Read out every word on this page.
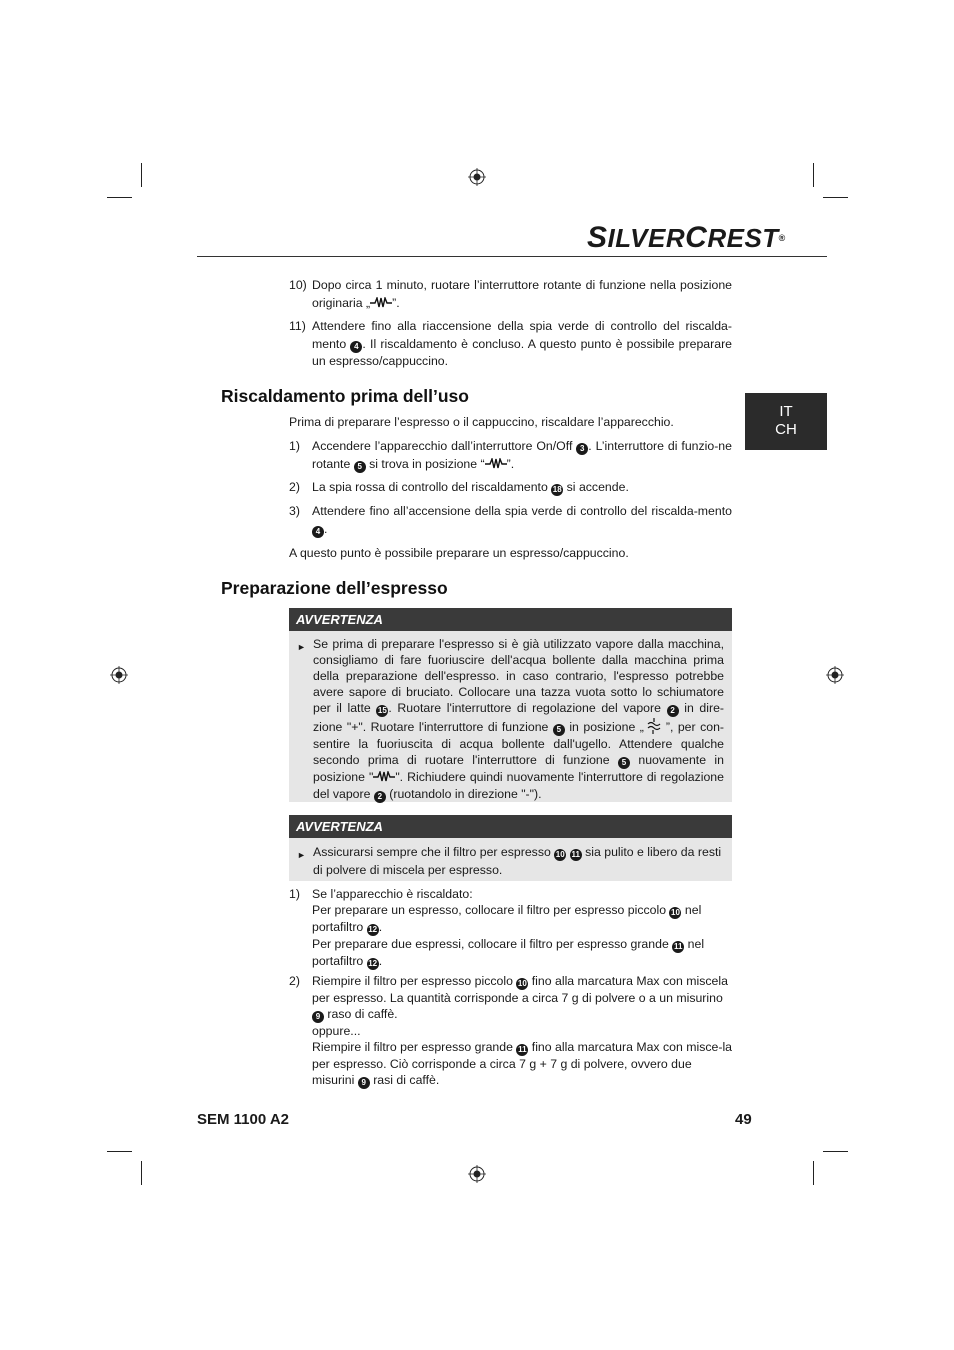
SILVERCREST®
IT
CH
10) Dopo circa 1 minuto, ruotare l’interruttore rotante di funzione nella posizione originaria „ ”.
11) Attendere fino alla riaccensione della spia verde di controllo del riscalda-mento 4 . Il riscaldamento è concluso. A questo punto è possibile preparare un espresso/cappuccino.
Riscaldamento prima dell’uso
Prima di preparare l’espresso o il cappuccino, riscaldare l’apparecchio.
1) Accendere l’apparecchio dall’interruttore On/Off 3 . L’interruttore di funzio-ne rotante 5 si trova in posizione “ ”.
2) La spia rossa di controllo del riscaldamento 18 si accende.
3) Attendere fino all’accensione della spia verde di controllo del riscalda-mento 4 .
A questo punto è possibile preparare un espresso/cappuccino.
Preparazione dell’espresso
AVVERTENZA
► Se prima di preparare l'espresso si è già utilizzato vapore dalla macchina, consigliamo di fare fuoriuscire dell'acqua bollente dalla macchina prima della preparazione dell'espresso. in caso contrario, l'espresso potrebbe avere sapore di bruciato. Collocare una tazza vuota sotto lo schiumatore per il latte 15 . Ruotare l'interruttore di regolazione del vapore 2 in dire-zione "+". Ruotare l'interruttore di funzione 5 in posizione „ ”, per con-sentire la fuoriuscita di acqua bollente dall'ugello. Attendere qualche secondo prima di ruotare l'interruttore di funzione 5 nuovamente in posizione " ". Richiudere quindi nuovamente l'interruttore di regolazione del vapore 2 (ruotandolo in direzione "-").
AVVERTENZA
► Assicurarsi sempre che il filtro per espresso 10 11 sia pulito e libero da resti di polvere di miscela per espresso.
1) Se l’apparecchio è riscaldato:
Per preparare un espresso, collocare il filtro per espresso piccolo 10 nel portafiltro 12 .
Per preparare due espressi, collocare il filtro per espresso grande 11 nel portafiltro 12 .
2) Riempire il filtro per espresso piccolo 10 fino alla marcatura Max con miscela per espresso. La quantità corrisponde a circa 7 g di polvere o a un misurino 9 raso di caffè.
oppure...
Riempire il filtro per espresso grande 11 fino alla marcatura Max con misce-la per espresso. Ciò corrisponde a circa 7 g + 7 g di polvere, ovvero due misurini 9 rasi di caffè.
SEM 1100 A2	49
